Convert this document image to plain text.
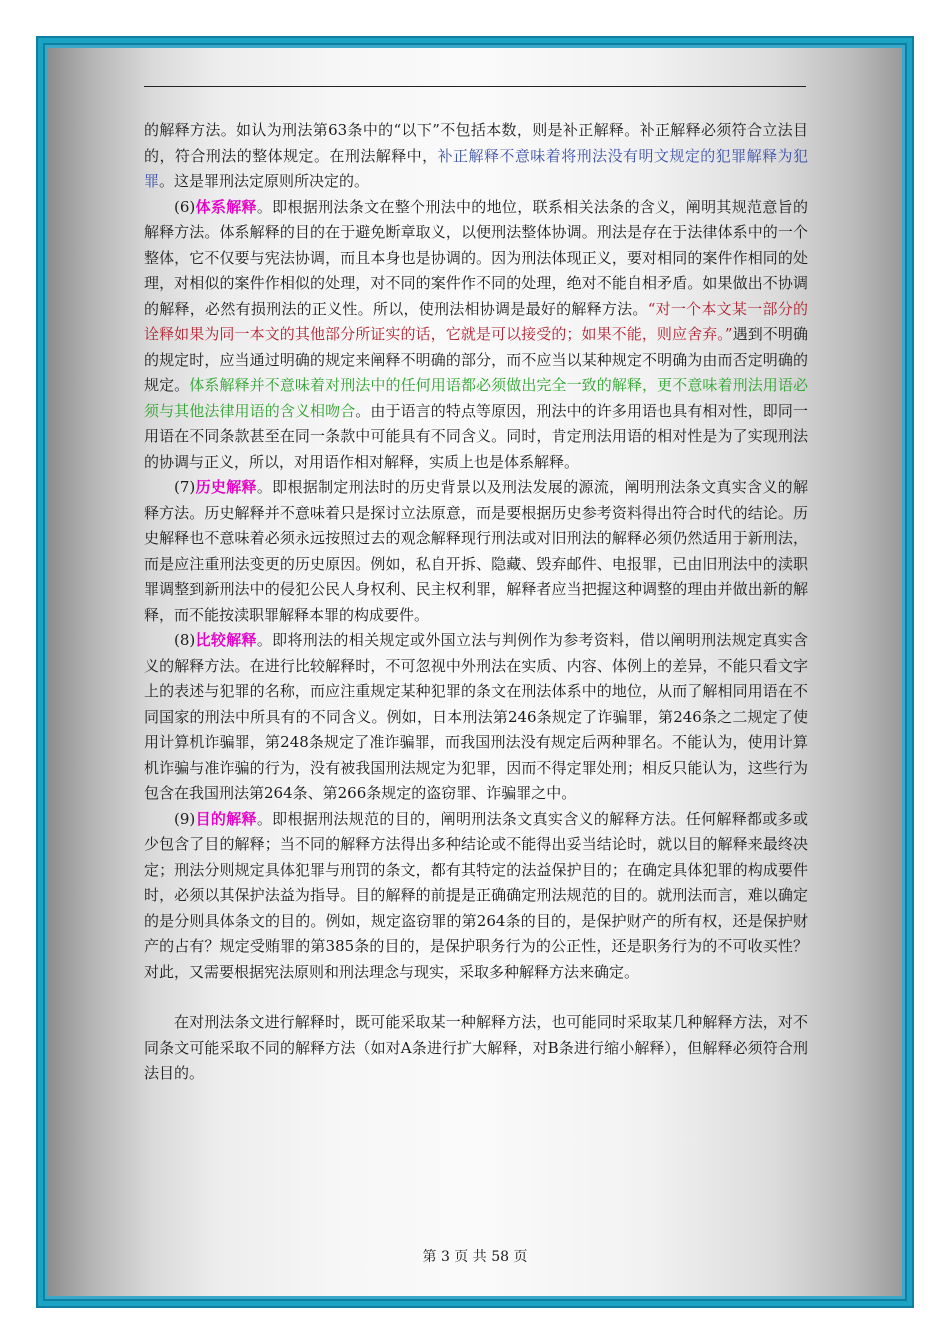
的解释方法。如认为刑法第63条中的“以下”不包括本数，则是补正解释。补正解释必须符合立法目的，符合刑法的整体规定。在刑法解释中，补正解释不意味着将刑法没有明文规定的犯罪解释为犯罪。这是罪刑法定原则所决定的。

(6)体系解释。即根据刑法条文在整个刑法中的地位，联系相关法条的含义，阐明其规范意旨的解释方法。体系解释的目的在于避免断章取义，以便刑法整体协调。刑法是存在于法律体系中的一个整体，它不仅要与宪法协调，而且本身也是协调的。因为刑法体现正义，要对相同的案件作相同的处理，对相似的案件作相似的处理，对不同的案件作不同的处理，绝对不能自相矛盾。如果做出不协调的解释，必然有损刑法的正义性。所以，使刑法相协调是最好的解释方法。“对一个本文某一部分的诠释如果为同一本文的其他部分所证实的话，它就是可以接受的；如果不能，则应舍弃。”遇到不明确的规定时，应当通过明确的规定来阐释不明确的部分，而不应当以某种规定不明确为由而否定明确的规定。体系解释并不意味着对刑法中的任何用语都必须做出完全一致的解释，更不意味着刑法用语必须与其他法律用语的含义相吻合。由于语言的特点等原因，刑法中的许多用语也具有相对性，即同一用语在不同条款甚至在同一条款中可能具有不同含义。同时，肯定刑法用语的相对性是为了实现刑法的协调与正义，所以，对用语作相对解释，实质上也是体系解释。

(7)历史解释。即根据制定刑法时的历史背景以及刑法发展的源流，阐明刑法条文真实含义的解释方法。历史解释并不意味着只是探讨立法原意，而是要根据历史参考资料得出符合时代的结论。历史解释也不意味着必须永远按照过去的观念解释现行刑法或对旧刑法的解释必须仍然适用于新刑法，而是应注重刑法变更的历史原因。例如，私自开拆、隐藏、毁弃邮件、电报罪，已由旧刑法中的渎职罪调整到新刑法中的侵犯公民人身权利、民主权利罪，解释者应当把握这种调整的理由并做出新的解释，而不能按渎职罪解释本罪的构成要件。

(8)比较解释。即将刑法的相关规定或外国立法与判例作为参考资料，借以阐明刑法规定真实含义的解释方法。在进行比较解释时，不可忽视中外刑法在实质、内容、体例上的差异，不能只看文字上的表述与犯罪的名称，而应注重规定某种犯罪的条文在刑法体系中的地位，从而了解相同用语在不同国家的刑法中所具有的不同含义。例如，日本刑法第246条规定了诈骗罪，第246条之二规定了使用计算机诈骗罪，第248条规定了准诈骗罪，而我国刑法没有规定后两种罪名。不能认为，使用计算机诈骗与准诈骗的行为，没有被我国刑法规定为犯罪，因而不得定罪处刑；相反只能认为，这些行为包含在我国刑法第264条、第266条规定的盗窃罪、诈骗罪之中。

(9)目的解释。即根据刑法规范的目的，阐明刑法条文真实含义的解释方法。任何解释都或多或少包含了目的解释；当不同的解释方法得出多种结论或不能得出妥当结论时，就以目的解释来最终决定；刑法分则规定具体犯罪与刑罚的条文，都有其特定的法益保护目的；在确定具体犯罪的构成要件时，必须以其保护法益为指导。目的解释的前提是正确确定刑法规范的目的。就刑法而言，难以确定的是分则具体条文的目的。例如，规定盗窃罪的第264条的目的，是保护财产的所有权，还是保护财产的占有？规定受贿罪的第385条的目的，是保护职务行为的公正性，还是职务行为的不可收买性？对此，又需要根据宪法原则和刑法理念与现实，采取多种解释方法来确定。

在对刑法条文进行解释时，既可能采取某一种解释方法，也可能同时采取某几种解释方法，对不同条文可能采取不同的解释方法（如对A条进行扩大解释，对B条进行缩小解释），但解释必须符合刑法目的。

第 3 页 共 58 页
